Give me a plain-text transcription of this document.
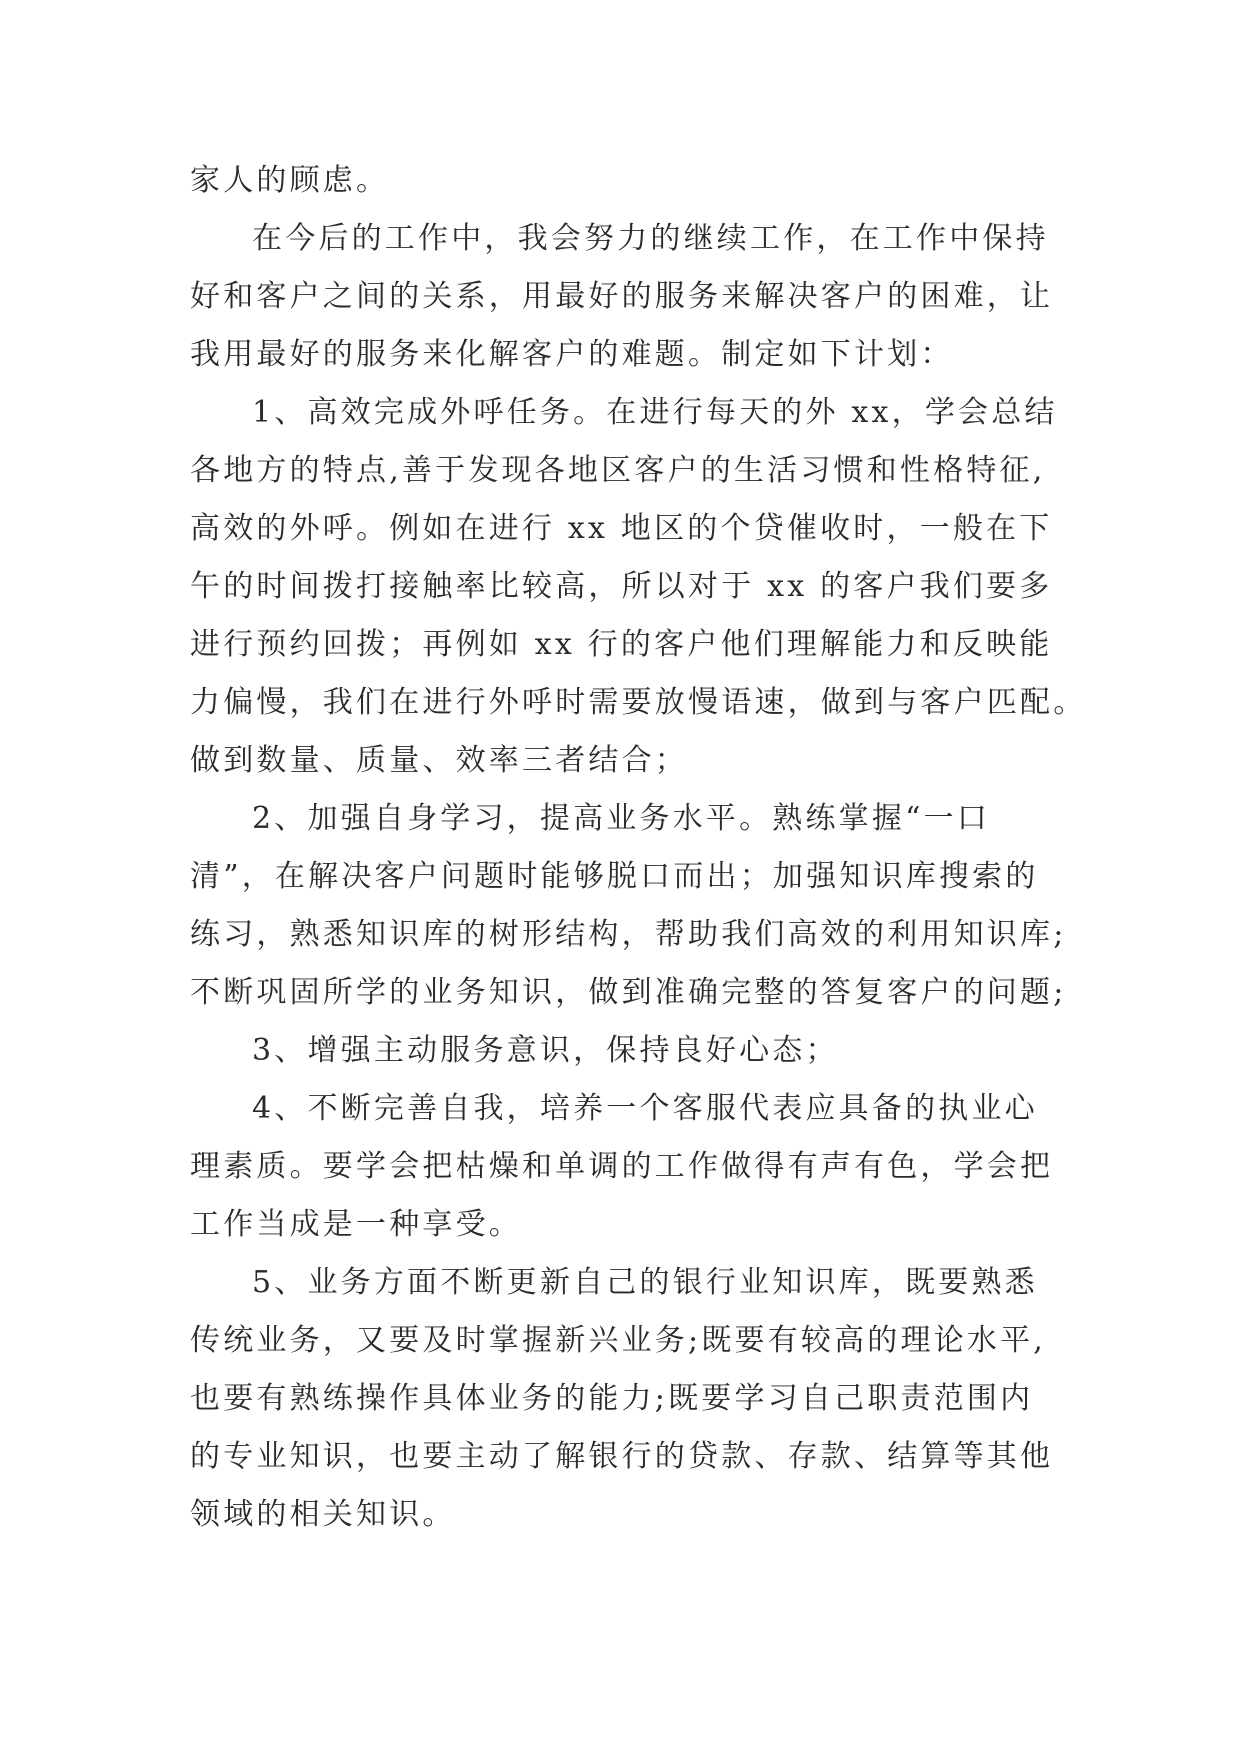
家人的顾虑。
在今后的工作中，我会努力的继续工作，在工作中保持
好和客户之间的关系，用最好的服务来解决客户的困难，让
我用最好的服务来化解客户的难题。制定如下计划：
1、高效完成外呼任务。在进行每天的外 xx，学会总结
各地方的特点,善于发现各地区客户的生活习惯和性格特征,
高效的外呼。例如在进行 xx 地区的个贷催收时，一般在下
午的时间拨打接触率比较高，所以对于 xx 的客户我们要多
进行预约回拨；再例如 xx 行的客户他们理解能力和反映能
力偏慢，我们在进行外呼时需要放慢语速，做到与客户匹配。
做到数量、质量、效率三者结合；
2、加强自身学习，提高业务水平。熟练掌握“一口
清”，在解决客户问题时能够脱口而出；加强知识库搜索的
练习，熟悉知识库的树形结构，帮助我们高效的利用知识库;
不断巩固所学的业务知识，做到准确完整的答复客户的问题;
3、增强主动服务意识，保持良好心态；
4、不断完善自我，培养一个客服代表应具备的执业心
理素质。要学会把枯燥和单调的工作做得有声有色，学会把
工作当成是一种享受。
5、业务方面不断更新自己的银行业知识库，既要熟悉
传统业务，又要及时掌握新兴业务;既要有较高的理论水平,
也要有熟练操作具体业务的能力;既要学习自己职责范围内
的专业知识，也要主动了解银行的贷款、存款、结算等其他
领域的相关知识。
